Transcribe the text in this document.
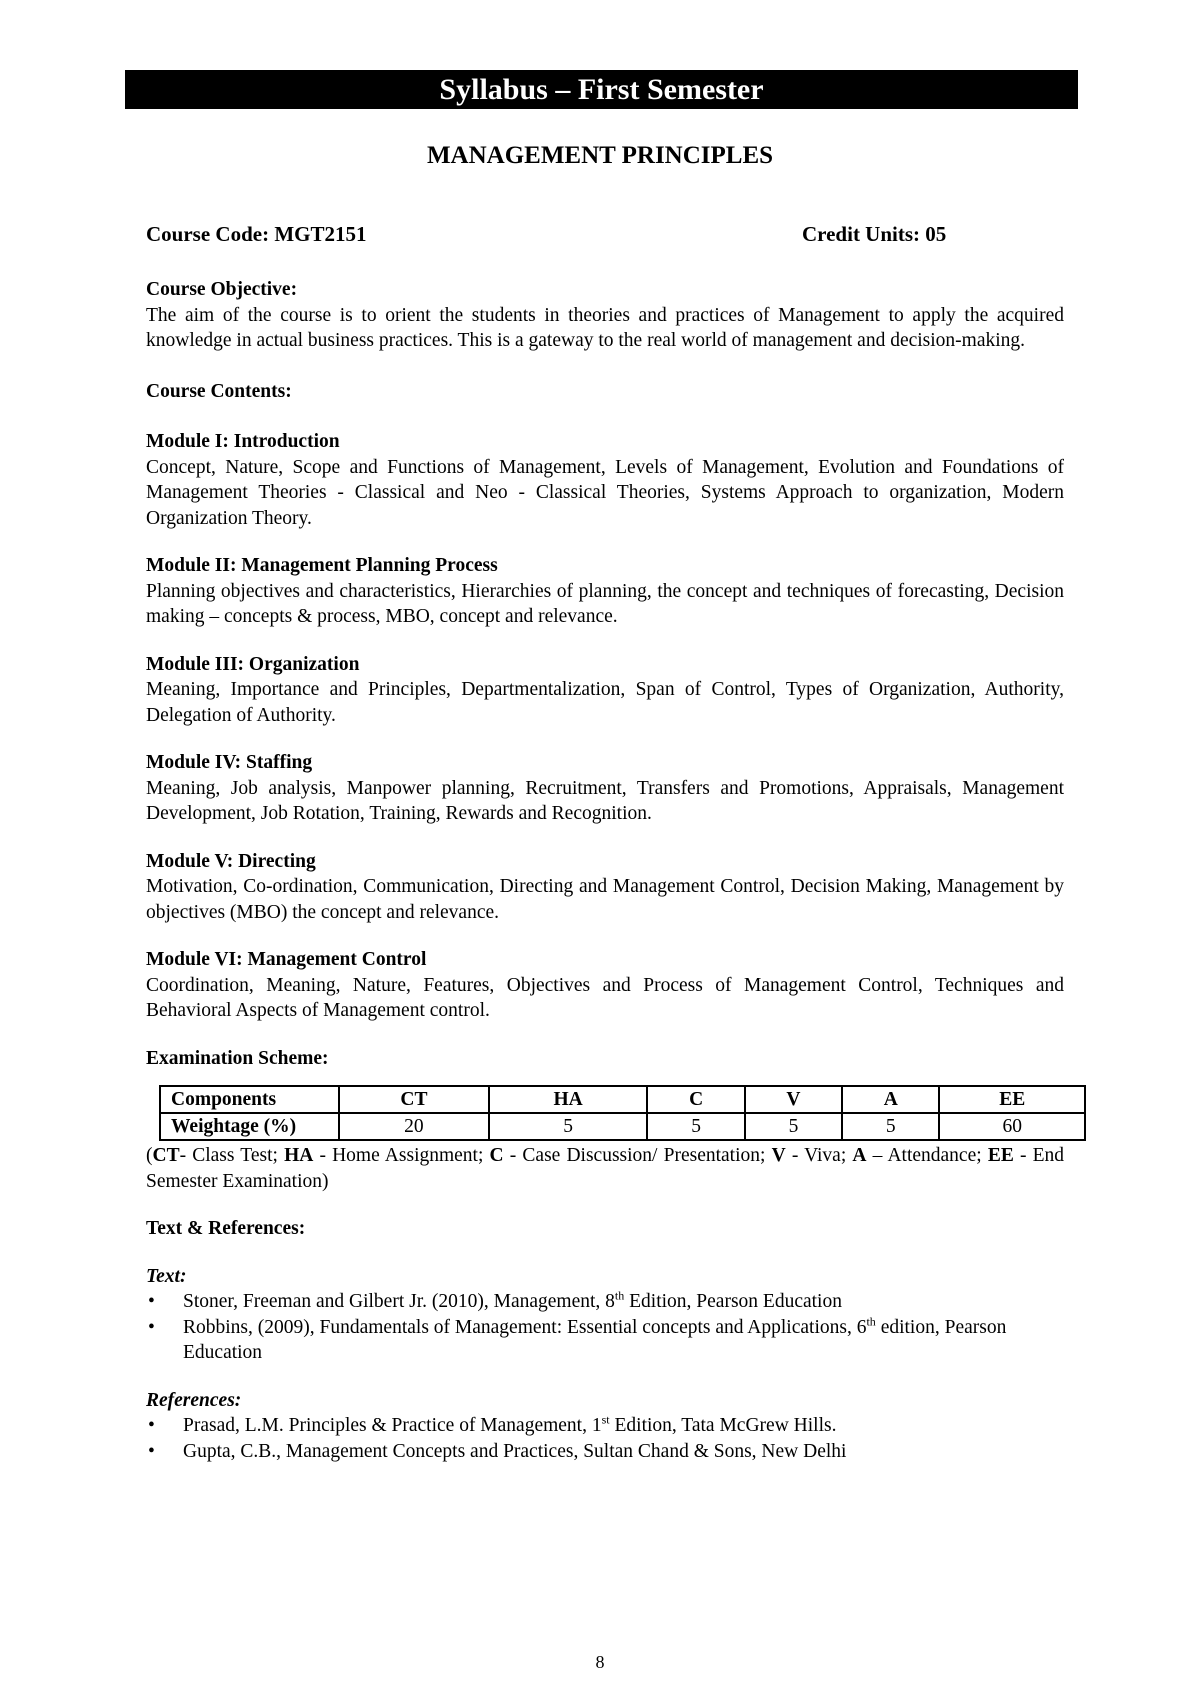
Syllabus – First Semester
MANAGEMENT PRINCIPLES
Course Code: MGT2151	Credit Units: 05
Course Objective:
The aim of the course is to orient the students in theories and practices of Management to apply the acquired knowledge in actual business practices. This is a gateway to the real world of management and decision-making.
Course Contents:
Module I: Introduction
Concept, Nature, Scope and Functions of Management, Levels of Management, Evolution and Foundations of Management Theories - Classical and Neo - Classical Theories, Systems Approach to organization, Modern Organization Theory.
Module II: Management Planning Process
Planning objectives and characteristics, Hierarchies of planning, the concept and techniques of forecasting, Decision making – concepts & process, MBO, concept and relevance.
Module III: Organization
Meaning, Importance and Principles, Departmentalization, Span of Control, Types of Organization, Authority, Delegation of Authority.
Module IV: Staffing
Meaning, Job analysis, Manpower planning, Recruitment, Transfers and Promotions, Appraisals, Management Development, Job Rotation, Training, Rewards and Recognition.
Module V: Directing
Motivation, Co-ordination, Communication, Directing and Management Control, Decision Making, Management by objectives (MBO) the concept and relevance.
Module VI: Management Control
Coordination, Meaning, Nature, Features, Objectives and Process of Management Control, Techniques and Behavioral Aspects of Management control.
Examination Scheme:
Components	CT	HA	C	V	A	EE
Weightage (%)	20	5	5	5	5	60
(CT- Class Test; HA - Home Assignment; C - Case Discussion/ Presentation; V - Viva; A – Attendance; EE - End Semester Examination)
Text & References:
Text:
• Stoner, Freeman and Gilbert Jr. (2010), Management, 8th Edition, Pearson Education
• Robbins, (2009), Fundamentals of Management: Essential concepts and Applications, 6th edition, Pearson Education
References:
• Prasad, L.M. Principles & Practice of Management, 1st Edition, Tata McGrew Hills.
• Gupta, C.B., Management Concepts and Practices, Sultan Chand & Sons, New Delhi
8
